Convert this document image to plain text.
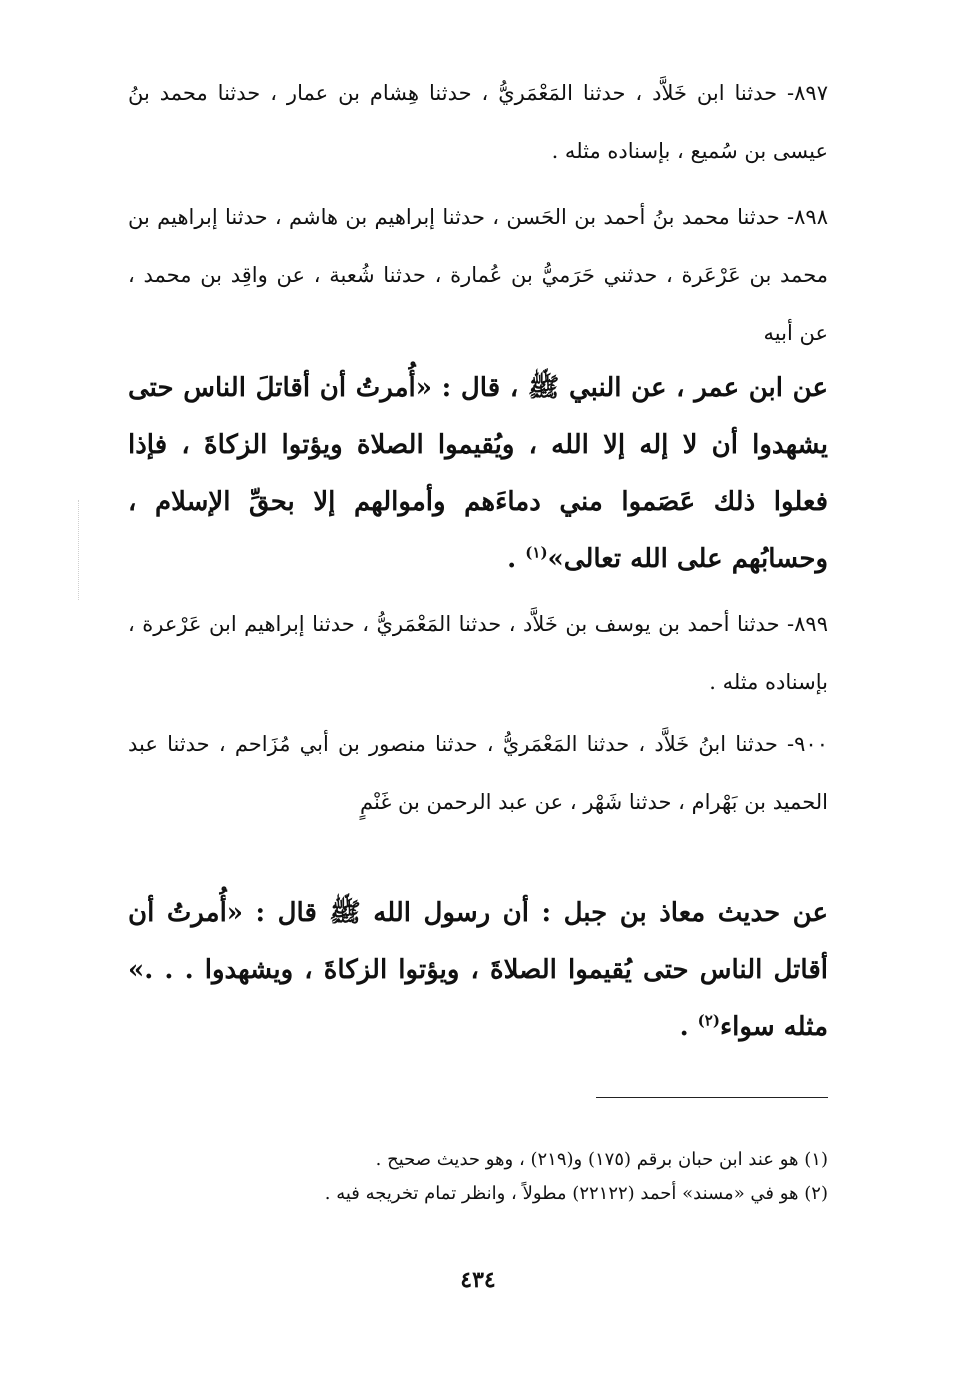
٨٩٧- حدثنا ابن خَلاَّد ، حدثنا المَعْمَريُّ ، حدثنا هِشام بن عمار ، حدثنا محمد بنُ عيسى بن سُميع ، بإسناده مثله .
٨٩٨- حدثنا محمد بنُ أحمد بن الحَسن ، حدثنا إبراهيم بن هاشم ، حدثنا إبراهيم بن محمد بن عَرْعَرة ، حدثني حَرَميُّ بن عُمارة ، حدثنا شُعبة ، عن واقِد بن محمد ، عن أبيه
عن ابن عمر ، عن النبي ﷺ ، قال : «أُمرتُ أن أقاتلَ الناس حتى يشهدوا أن لا إله إلا الله ، ويُقيموا الصلاة ويؤتوا الزكاةَ ، فإذا فعلوا ذلك عَصَموا مني دماءَهم وأموالهم إلا بحقِّ الإسلام ، وحسابُهم على الله تعالى»$^{(١)}$ .
٨٩٩- حدثنا أحمد بن يوسف بن خَلاَّد ، حدثنا المَعْمَريُّ ، حدثنا إبراهيم ابن عَرْعرة ، بإسناده مثله .
٩٠٠- حدثنا ابنُ خَلاَّد ، حدثنا المَعْمَريُّ ، حدثنا منصور بن أبي مُزَاحم ، حدثنا عبد الحميد بن بَهْرام ، حدثنا شَهْر ، عن عبد الرحمن بن غَنْمٍ
عن حديث معاذ بن جبل : أن رسول الله ﷺ قال : «أُمرتُ أن أقاتل الناس حتى يُقيموا الصلاةَ ، ويؤتوا الزكاةَ ، ويشهدوا . . .» مثله سواء$^{(٢)}$ .
(١) هو عند ابن حبان برقم (١٧٥) و(٢١٩) ، وهو حديث صحيح .
(٢) هو في «مسند» أحمد (٢٢١٢٢) مطولاً ، وانظر تمام تخريجه فيه .
٤٣٤
